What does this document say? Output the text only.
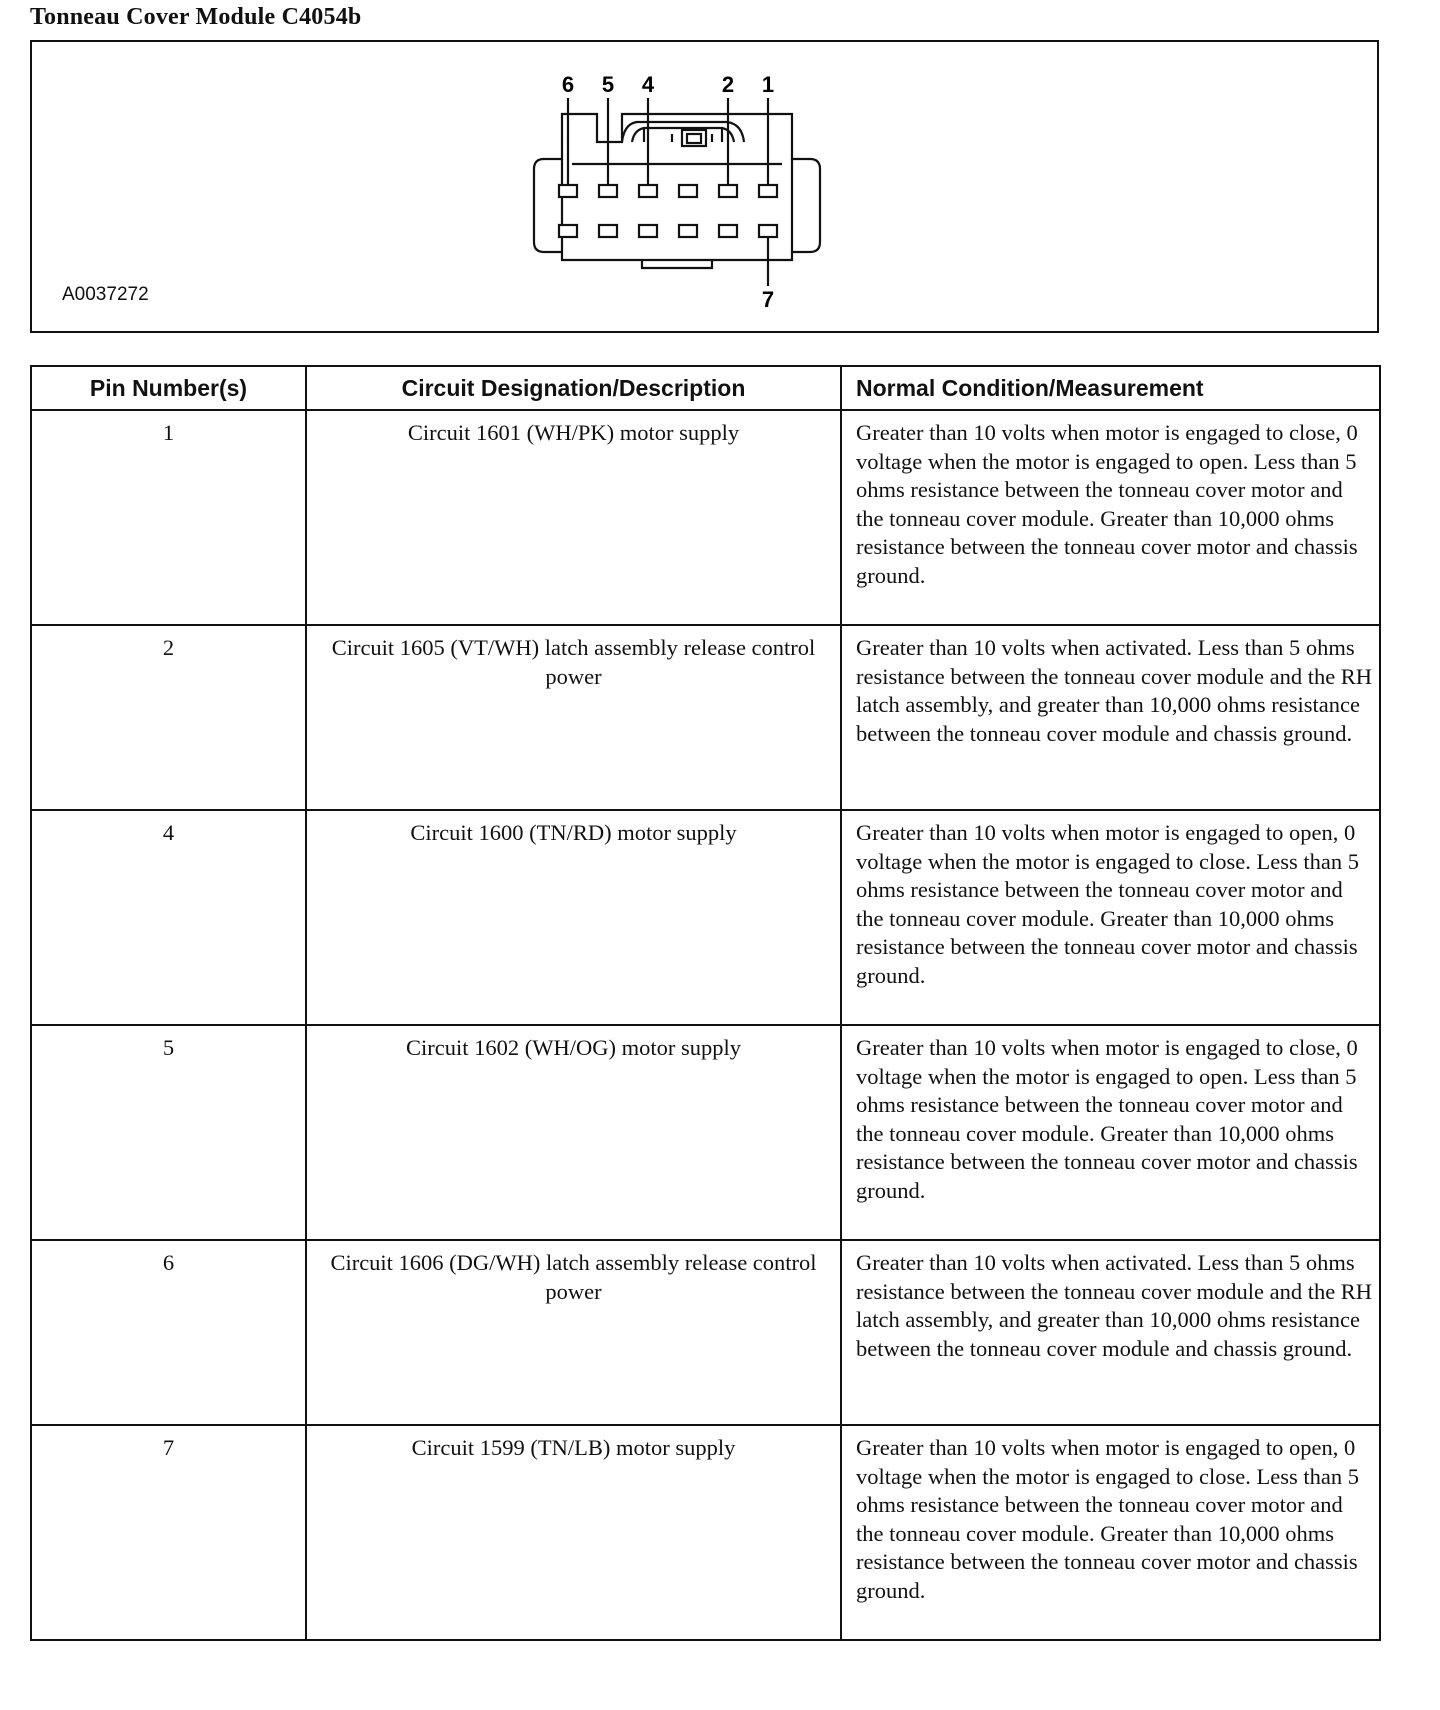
Tonneau Cover Module C4054b
6 5 4	2 1
7
A0037272
Pin Number(s)	Circuit Designation/Description	Normal Condition/Measurement
1	Circuit 1601 (WH/PK) motor supply	Greater than 10 volts when motor is engaged to close, 0 voltage when the motor is engaged to open. Less than 5 ohms resistance between the tonneau cover motor and the tonneau cover module. Greater than 10,000 ohms resistance between the tonneau cover motor and chassis ground.
2	Circuit 1605 (VT/WH) latch assembly release control power	Greater than 10 volts when activated. Less than 5 ohms resistance between the tonneau cover module and the RH latch assembly, and greater than 10,000 ohms resistance between the tonneau cover module and chassis ground.
4	Circuit 1600 (TN/RD) motor supply	Greater than 10 volts when motor is engaged to open, 0 voltage when the motor is engaged to close. Less than 5 ohms resistance between the tonneau cover motor and the tonneau cover module. Greater than 10,000 ohms resistance between the tonneau cover motor and chassis ground.
5	Circuit 1602 (WH/OG) motor supply	Greater than 10 volts when motor is engaged to close, 0 voltage when the motor is engaged to open. Less than 5 ohms resistance between the tonneau cover motor and the tonneau cover module. Greater than 10,000 ohms resistance between the tonneau cover motor and chassis ground.
6	Circuit 1606 (DG/WH) latch assembly release control power	Greater than 10 volts when activated. Less than 5 ohms resistance between the tonneau cover module and the RH latch assembly, and greater than 10,000 ohms resistance between the tonneau cover module and chassis ground.
7	Circuit 1599 (TN/LB) motor supply	Greater than 10 volts when motor is engaged to open, 0 voltage when the motor is engaged to close. Less than 5 ohms resistance between the tonneau cover motor and the tonneau cover module. Greater than 10,000 ohms resistance between the tonneau cover motor and chassis ground.
